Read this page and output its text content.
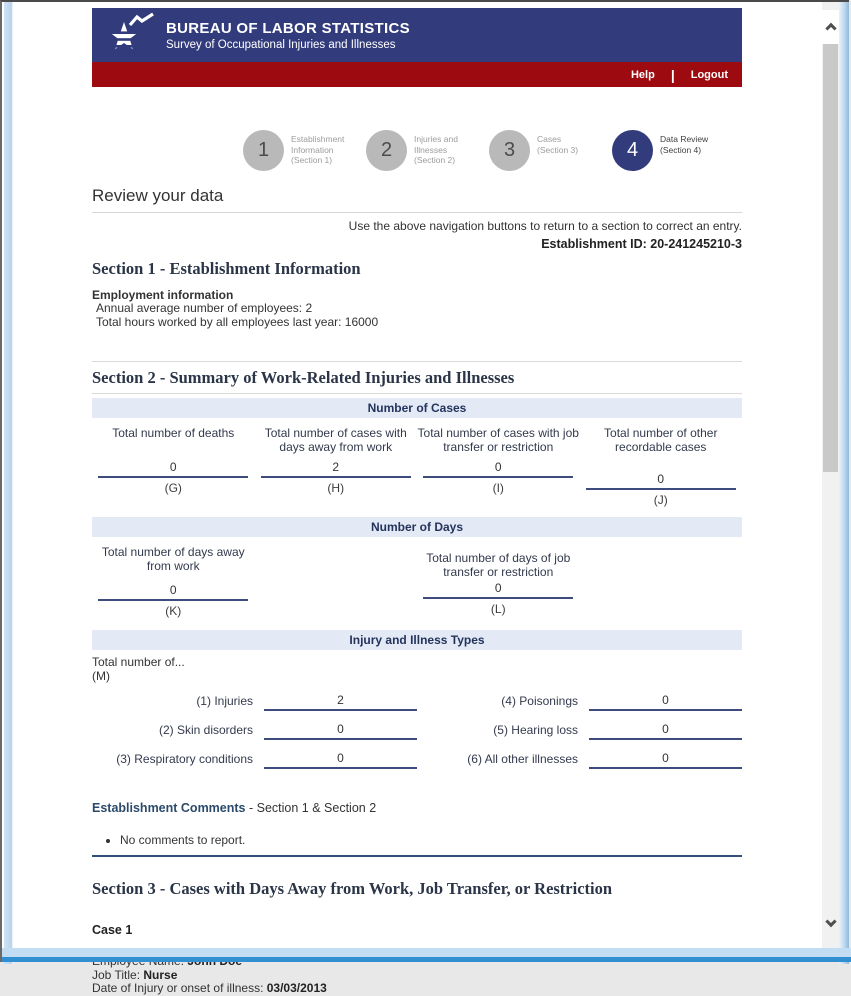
BUREAU OF LABOR STATISTICS
Survey of Occupational Injuries and Illnesses
Help | Logout
1	Establishment
Information
(Section 1)	2	Injuries and
Illnesses
(Section 2)	3	Cases
(Section 3)	4	Data Review
(Section 4)
Review your data
Use the above navigation buttons to return to a section to correct an entry.
Establishment ID: 20-241245210-3
Section 1 - Establishment Information
Employment information
Annual average number of employees: 2
Total hours worked by all employees last year: 16000
Section 2 - Summary of Work-Related Injuries and Illnesses
Number of Cases
Total number of deaths
0
(G)
Total number of cases with days away from work
2
(H)
Total number of cases with job transfer or restriction
0
(I)
Total number of other recordable cases
0
(J)
Number of Days
Total number of days away from work
0
(K)
Total number of days of job transfer or restriction
0
(L)
Injury and Illness Types
Total number of...
(M)
(1) Injuries	2	(4) Poisonings	0
(2) Skin disorders	0	(5) Hearing loss	0
(3) Respiratory conditions	0	(6) All other illnesses	0
Establishment Comments - Section 1 & Section 2
• No comments to report.
Section 3 - Cases with Days Away from Work, Job Transfer, or Restriction
Case 1
Job Title: Nurse
Date of Injury or onset of illness: 03/03/2013
